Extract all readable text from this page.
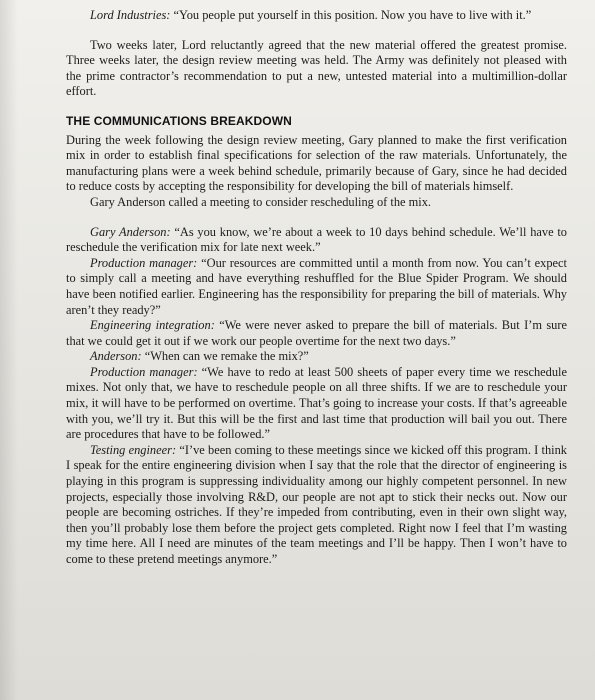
Lord Industries: “You people put yourself in this position. Now you have to live with it.”

Two weeks later, Lord reluctantly agreed that the new material offered the greatest promise. Three weeks later, the design review meeting was held. The Army was definitely not pleased with the prime contractor’s recommendation to put a new, untested material into a multimillion-dollar effort.

THE COMMUNICATIONS BREAKDOWN

During the week following the design review meeting, Gary planned to make the first verification mix in order to establish final specifications for selection of the raw materials. Unfortunately, the manufacturing plans were a week behind schedule, primarily because of Gary, since he had decided to reduce costs by accepting the responsibility for developing the bill of materials himself.

Gary Anderson called a meeting to consider rescheduling of the mix.

Gary Anderson: “As you know, we’re about a week to 10 days behind schedule. We’ll have to reschedule the verification mix for late next week.”

Production manager: “Our resources are committed until a month from now. You can’t expect to simply call a meeting and have everything reshuffled for the Blue Spider Program. We should have been notified earlier. Engineering has the responsibility for preparing the bill of materials. Why aren’t they ready?”

Engineering integration: “We were never asked to prepare the bill of materials. But I’m sure that we could get it out if we work our people overtime for the next two days.”

Anderson: “When can we remake the mix?”

Production manager: “We have to redo at least 500 sheets of paper every time we reschedule mixes. Not only that, we have to reschedule people on all three shifts. If we are to reschedule your mix, it will have to be performed on overtime. That’s going to increase your costs. If that’s agreeable with you, we’ll try it. But this will be the first and last time that production will bail you out. There are procedures that have to be followed.”

Testing engineer: “I’ve been coming to these meetings since we kicked off this program. I think I speak for the entire engineering division when I say that the role that the director of engineering is playing in this program is suppressing individuality among our highly competent personnel. In new projects, especially those involving R&D, our people are not apt to stick their necks out. Now our people are becoming ostriches. If they’re impeded from contributing, even in their own slight way, then you’ll probably lose them before the project gets completed. Right now I feel that I’m wasting my time here. All I need are minutes of the team meetings and I’ll be happy. Then I won’t have to come to these pretend meetings anymore.”
